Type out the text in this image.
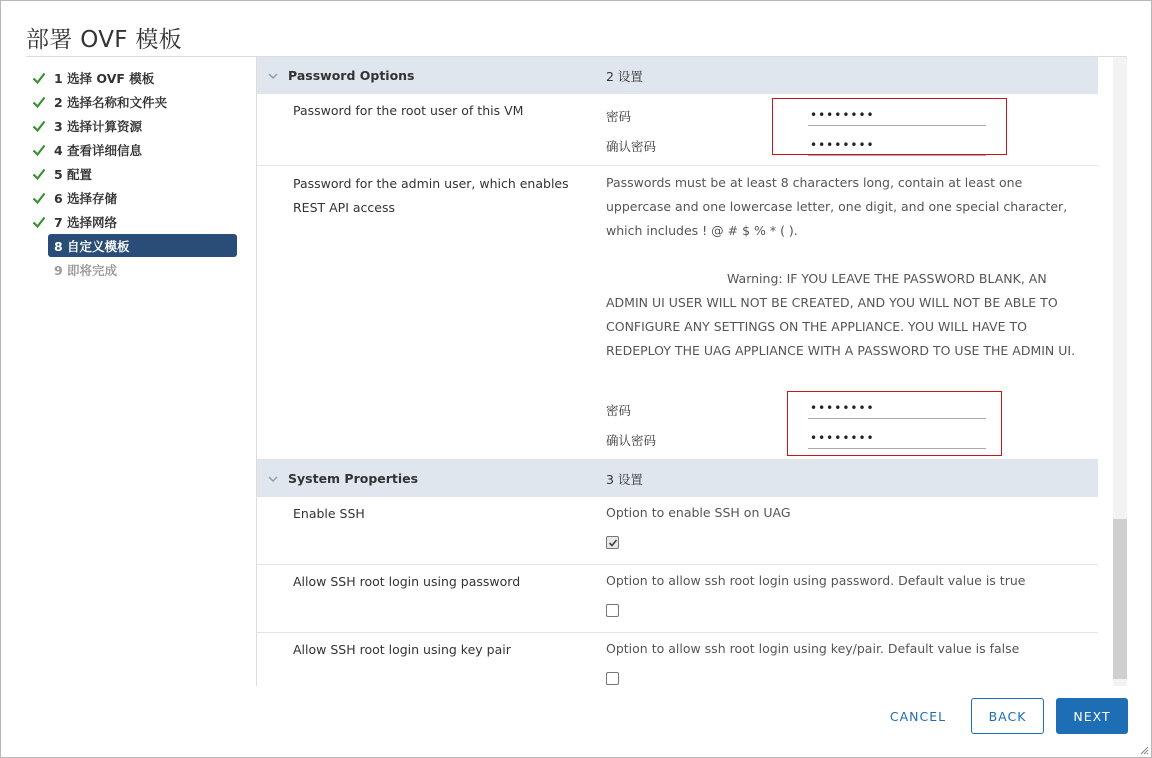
部署 OVF 模板
1 选择 OVF 模板
2 选择名称和文件夹
3 选择计算资源
4 查看详细信息
5 配置
6 选择存储
7 选择网络
8 自定义模板
9 即将完成
Password Options	2 设置
Password for the root user of this VM	密码	••••••••
确认密码	••••••••
Password for the admin user, which enables REST API access
Passwords must be at least 8 characters long, contain at least one uppercase and one lowercase letter, one digit, and one special character, which includes ! @ # $ % * ( ).
Warning: IF YOU LEAVE THE PASSWORD BLANK, AN
ADMIN UI USER WILL NOT BE CREATED, AND YOU WILL NOT BE ABLE TO CONFIGURE ANY SETTINGS ON THE APPLIANCE. YOU WILL HAVE TO REDEPLOY THE UAG APPLIANCE WITH A PASSWORD TO USE THE ADMIN UI.
密码	••••••••
确认密码	••••••••
System Properties	3 设置
Enable SSH	Option to enable SSH on UAG
Allow SSH root login using password	Option to allow ssh root login using password. Default value is true
Allow SSH root login using key pair	Option to allow ssh root login using key/pair. Default value is false
CANCEL	BACK	NEXT
